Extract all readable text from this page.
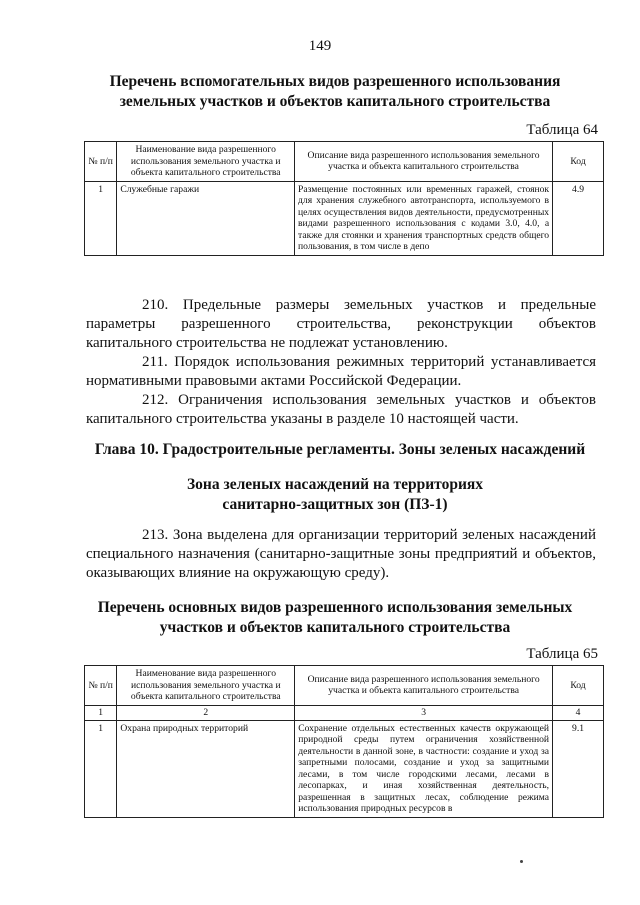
149
Перечень вспомогательных видов разрешенного использования
земельных участков и объектов капитального строительства
Таблица 64
№ п/п	Наименование вида разрешенного использования земельного участка и объекта капитального строительства	Описание вида разрешенного использования земельного участка и объекта капитального строительства	Код
1	Служебные гаражи	Размещение постоянных или временных гаражей, стоянок для хранения служебного автотранспорта, используемого в целях осуществления видов деятельности, предусмотренных видами разрешенного использования с кодами 3.0, 4.0, а также для стоянки и хранения транспортных средств общего пользования, в том числе в депо	4.9

210. Предельные размеры земельных участков и предельные параметры разрешенного строительства, реконструкции объектов капитального строительства не подлежат установлению.

211. Порядок использования режимных территорий устанавливается нормативными правовыми актами Российской Федерации.

212. Ограничения использования земельных участков и объектов капитального строительства указаны в разделе 10 настоящей части.

Глава 10. Градостроительные регламенты. Зоны зеленых насаждений
Зона зеленых насаждений на территориях
санитарно-защитных зон (ПЗ-1)

213. Зона выделена для организации территорий зеленых насаждений специального назначения (санитарно-защитные зоны предприятий и объектов, оказывающих влияние на окружающую среду).

Перечень основных видов разрешенного использования земельных
участков и объектов капитального строительства
Таблица 65
№ п/п	Наименование вида разрешенного использования земельного участка и объекта капитального строительства	Описание вида разрешенного использования земельного участка и объекта капитального строительства	Код
1	2	3	4
1	Охрана природных территорий	Сохранение отдельных естественных качеств окружающей природной среды путем ограничения хозяйственной деятельности в данной зоне, в частности: создание и уход за запретными полосами, создание и уход за защитными лесами, в том числе городскими лесами, лесами в лесопарках, и иная хозяйственная деятельность, разрешенная в защитных лесах, соблюдение режима использования природных ресурсов в	9.1
